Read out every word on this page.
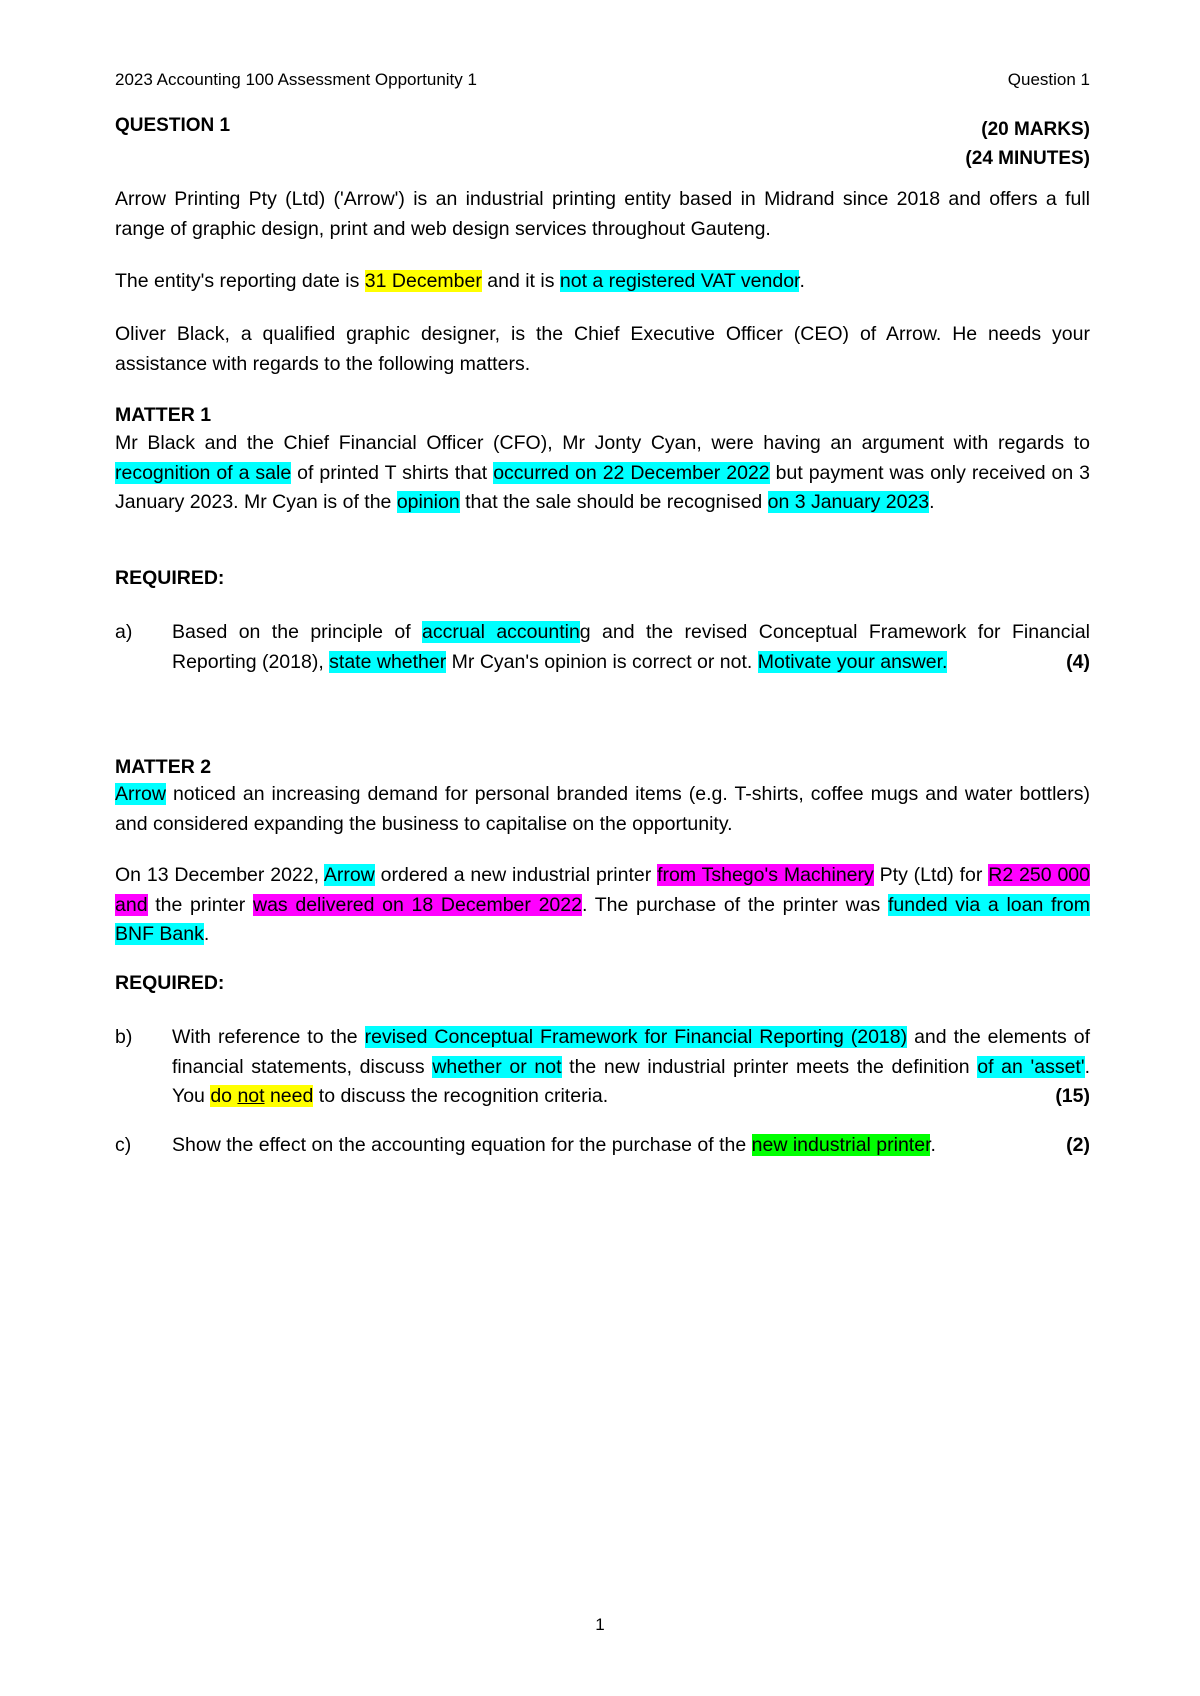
2023 Accounting 100 Assessment Opportunity 1	Question 1
QUESTION 1	(20 MARKS)
(24 MINUTES)
Arrow Printing Pty (Ltd) ('Arrow') is an industrial printing entity based in Midrand since 2018 and offers a full range of graphic design, print and web design services throughout Gauteng.
The entity's reporting date is 31 December and it is not a registered VAT vendor.
Oliver Black, a qualified graphic designer, is the Chief Executive Officer (CEO) of Arrow. He needs your assistance with regards to the following matters.
MATTER 1
Mr Black and the Chief Financial Officer (CFO), Mr Jonty Cyan, were having an argument with regards to recognition of a sale of printed T shirts that occurred on 22 December 2022 but payment was only received on 3 January 2023. Mr Cyan is of the opinion that the sale should be recognised on 3 January 2023.
REQUIRED:
a)	Based on the principle of accrual accounting and the revised Conceptual Framework for Financial Reporting (2018), state whether Mr Cyan's opinion is correct or not. Motivate your answer.	(4)
MATTER 2
Arrow noticed an increasing demand for personal branded items (e.g. T-shirts, coffee mugs and water bottlers) and considered expanding the business to capitalise on the opportunity.
On 13 December 2022, Arrow ordered a new industrial printer from Tshego's Machinery Pty (Ltd) for R2 250 000 and the printer was delivered on 18 December 2022. The purchase of the printer was funded via a loan from BNF Bank.
REQUIRED:
b)	With reference to the revised Conceptual Framework for Financial Reporting (2018) and the elements of financial statements, discuss whether or not the new industrial printer meets the definition of an 'asset'. You do not need to discuss the recognition criteria.	(15)
c)	Show the effect on the accounting equation for the purchase of the new industrial printer.	(2)
1
